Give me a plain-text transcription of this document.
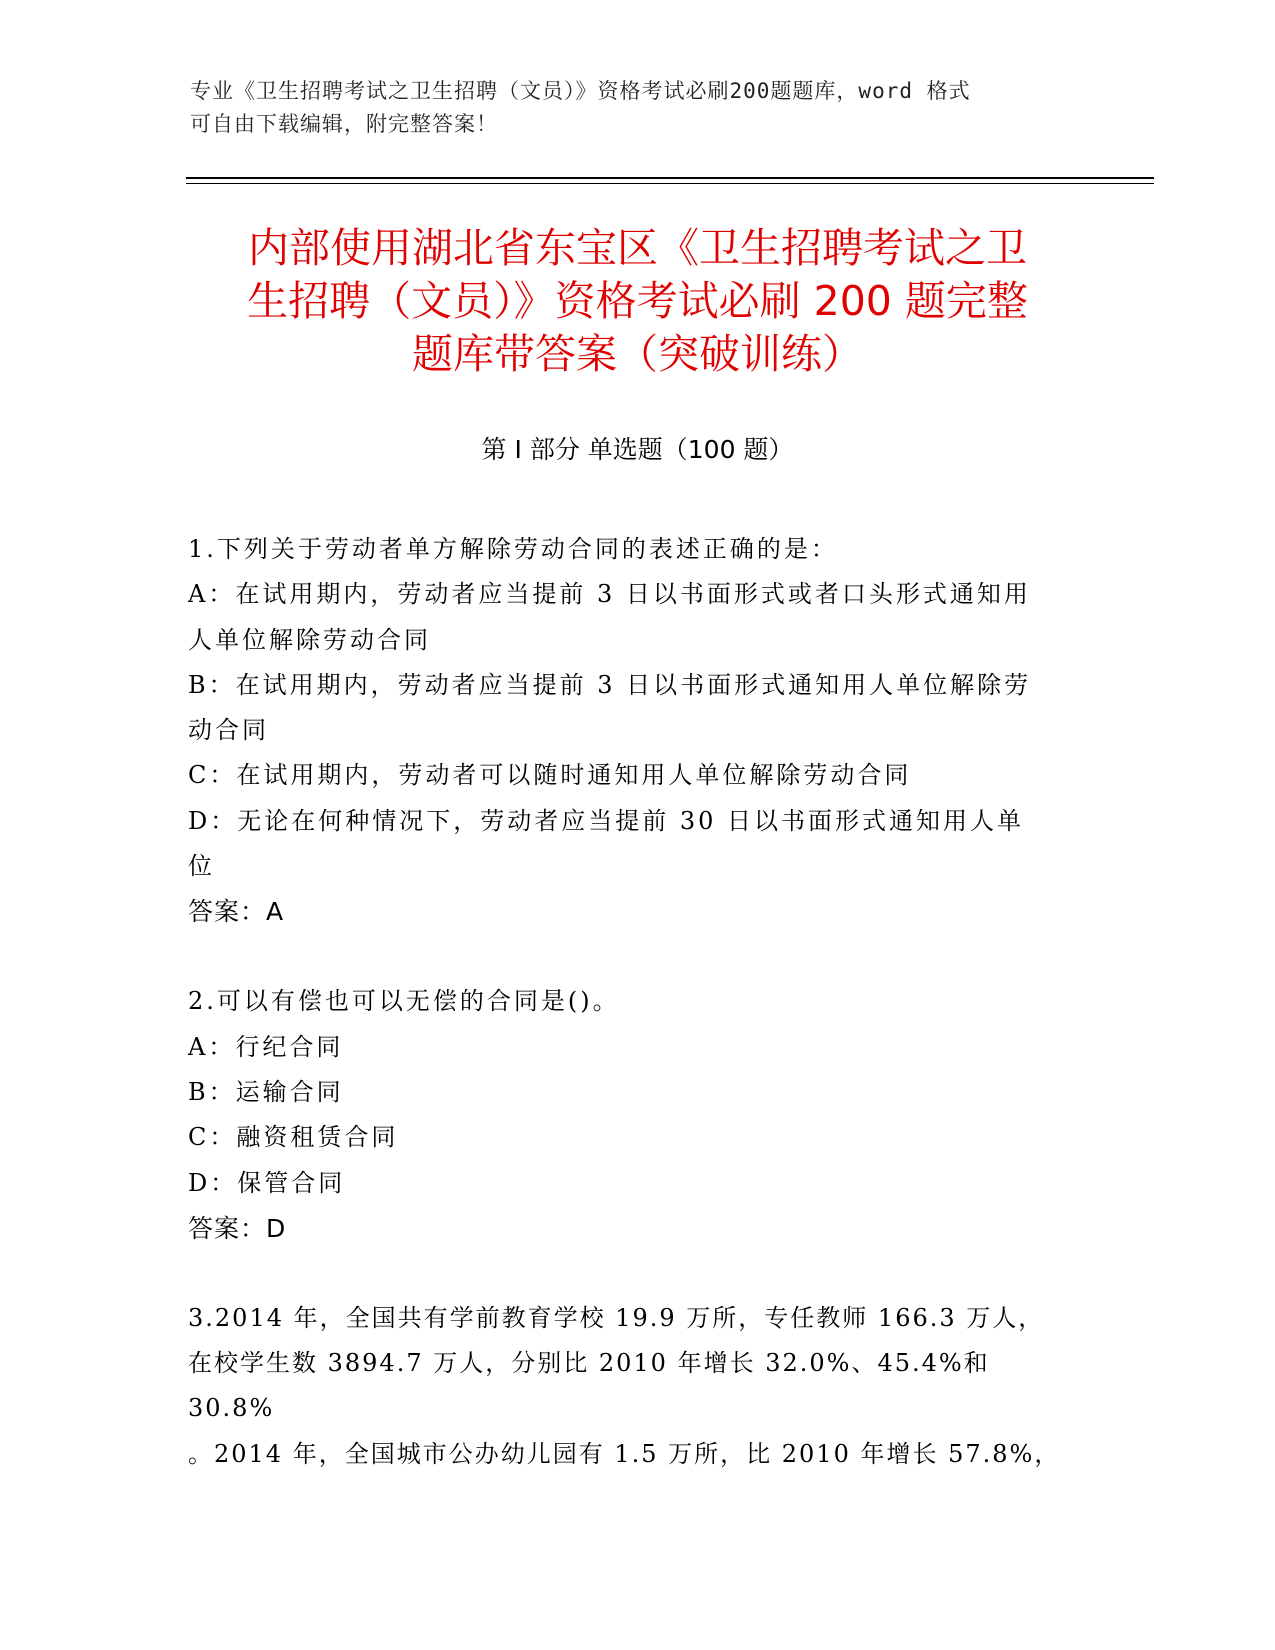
专业《卫生招聘考试之卫生招聘（文员）》资格考试必刷200题题库，word 格式
可自由下载编辑，附完整答案！
内部使用湖北省东宝区《卫生招聘考试之卫
生招聘（文员）》资格考试必刷 200 题完整
题库带答案（突破训练）
第 I 部分 单选题（100 题）

1.下列关于劳动者单方解除劳动合同的表述正确的是：

A：在试用期内，劳动者应当提前 3 日以书面形式或者口头形式通知用

人单位解除劳动合同

B：在试用期内，劳动者应当提前 3 日以书面形式通知用人单位解除劳

动合同

C：在试用期内，劳动者可以随时通知用人单位解除劳动合同

D：无论在何种情况下，劳动者应当提前 30 日以书面形式通知用人单

位

答案：A

2.可以有偿也可以无偿的合同是()。

A：行纪合同

B：运输合同

C：融资租赁合同

D：保管合同

答案：D

3.2014 年，全国共有学前教育学校 19.9 万所，专任教师 166.3 万人，

在校学生数 3894.7 万人，分别比 2010 年增长 32.0%、45.4%和 30.8%

。2014 年，全国城市公办幼儿园有 1.5 万所，比 2010 年增长 57.8%，
